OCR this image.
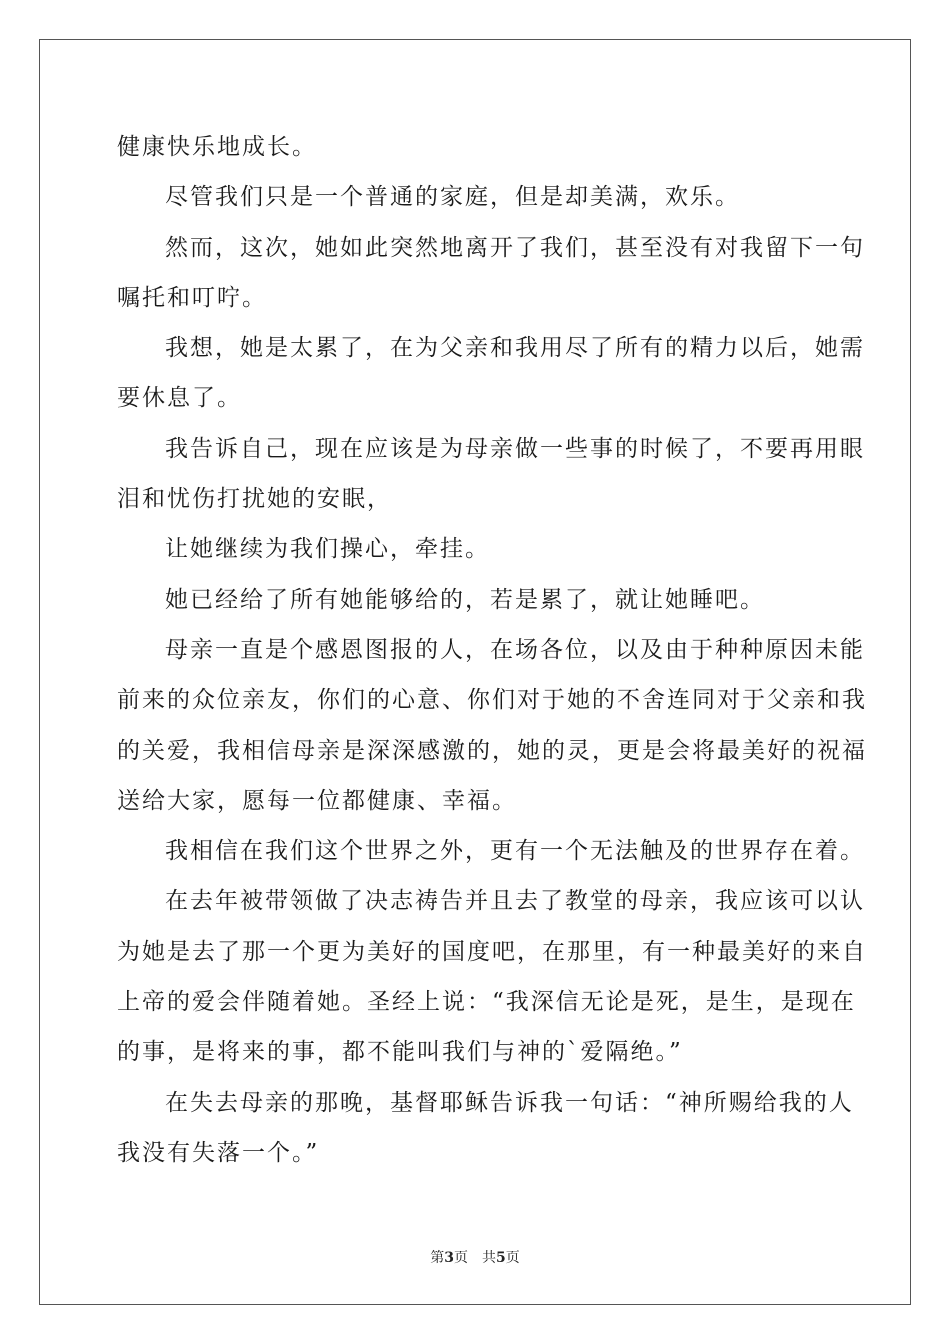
健康快乐地成长。

尽管我们只是一个普通的家庭，但是却美满，欢乐。

然而，这次，她如此突然地离开了我们，甚至没有对我留下一句
嘱托和叮咛。

我想，她是太累了，在为父亲和我用尽了所有的精力以后，她需
要休息了。

我告诉自己，现在应该是为母亲做一些事的时候了，不要再用眼
泪和忧伤打扰她的安眠，

让她继续为我们操心，牵挂。

她已经给了所有她能够给的，若是累了，就让她睡吧。

母亲一直是个感恩图报的人，在场各位，以及由于种种原因未能
前来的众位亲友，你们的心意、你们对于她的不舍连同对于父亲和我
的关爱，我相信母亲是深深感激的，她的灵，更是会将最美好的祝福
送给大家，愿每一位都健康、幸福。

我相信在我们这个世界之外，更有一个无法触及的世界存在着。

在去年被带领做了决志祷告并且去了教堂的母亲，我应该可以认
为她是去了那一个更为美好的国度吧，在那里，有一种最美好的来自
上帝的爱会伴随着她。圣经上说：“我深信无论是死，是生，是现在
的事，是将来的事，都不能叫我们与神的`爱隔绝。”

在失去母亲的那晚，基督耶稣告诉我一句话：“神所赐给我的人
我没有失落一个。”

第3页　共5页
